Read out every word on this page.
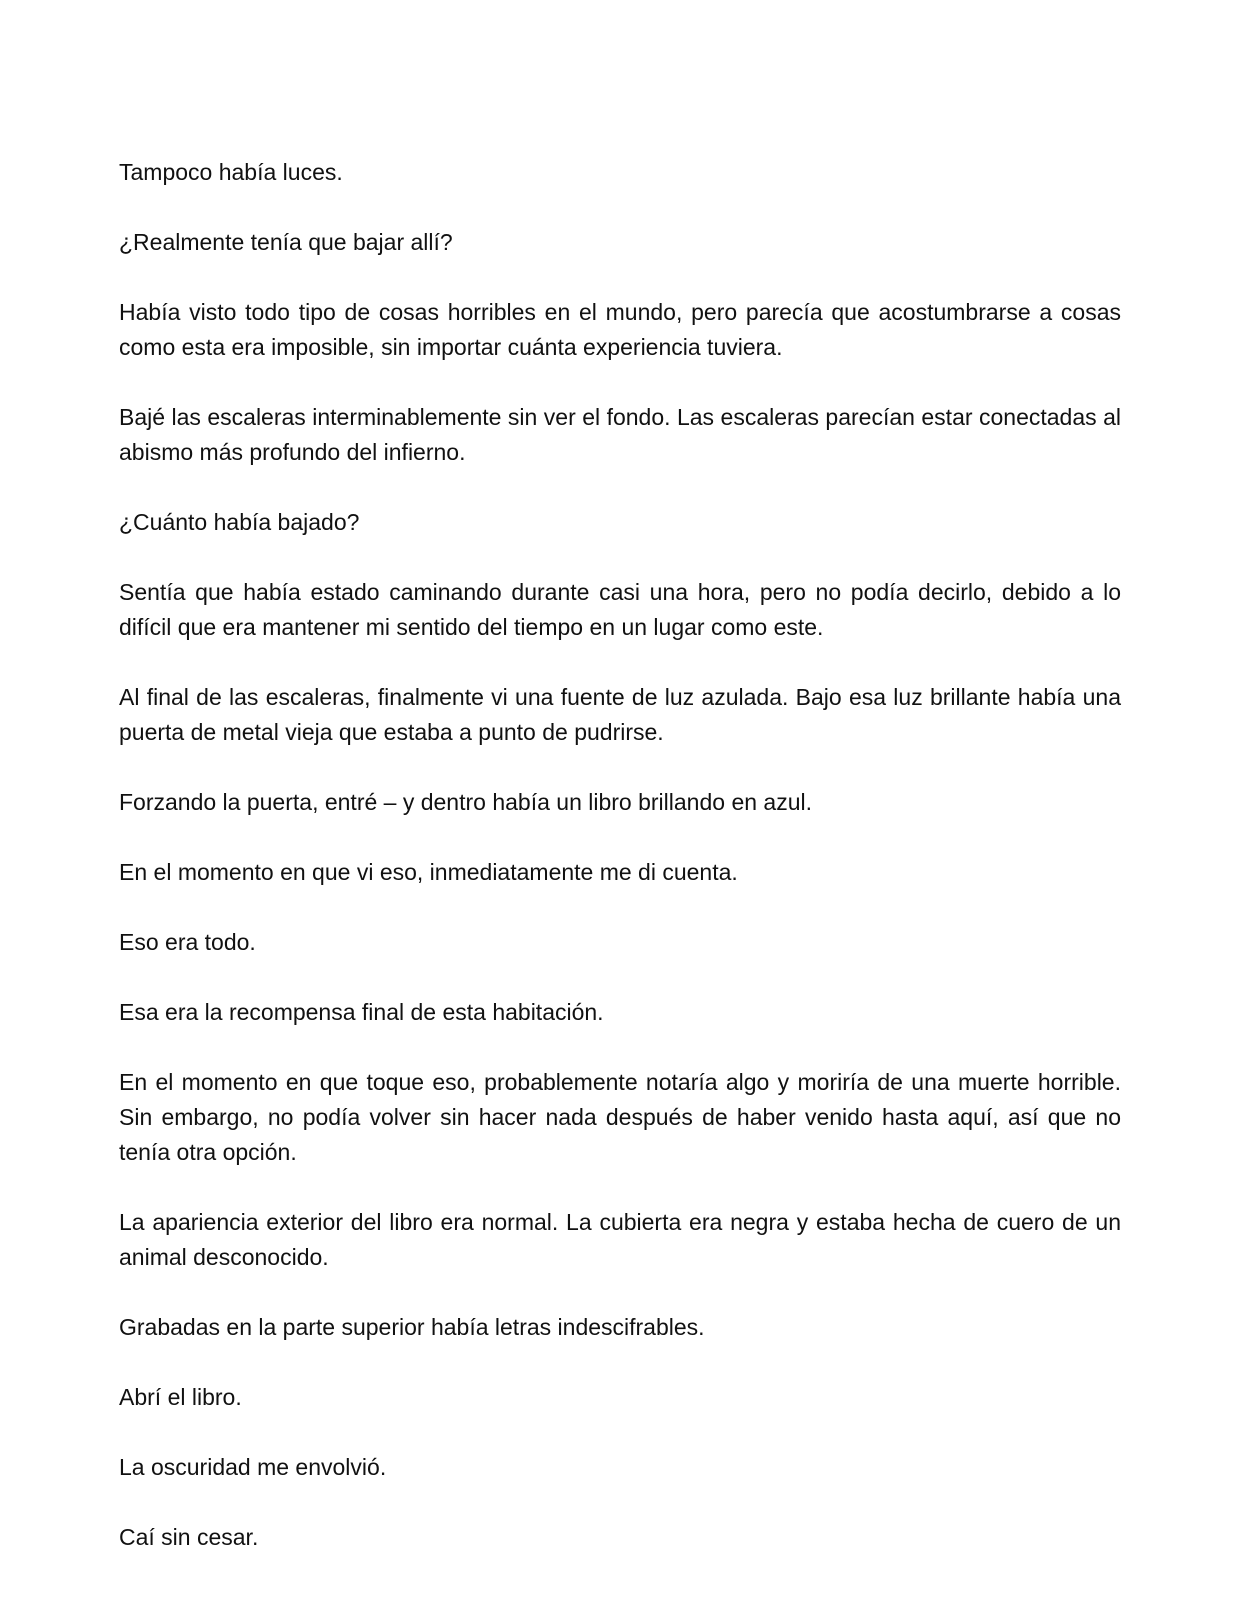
Tampoco había luces.

¿Realmente tenía que bajar allí?

Había visto todo tipo de cosas horribles en el mundo, pero parecía que acostumbrarse a cosas como esta era imposible, sin importar cuánta experiencia tuviera.

Bajé las escaleras interminablemente sin ver el fondo. Las escaleras parecían estar conectadas al abismo más profundo del infierno.

¿Cuánto había bajado?

Sentía que había estado caminando durante casi una hora, pero no podía decirlo, debido a lo difícil que era mantener mi sentido del tiempo en un lugar como este.

Al final de las escaleras, finalmente vi una fuente de luz azulada. Bajo esa luz brillante había una puerta de metal vieja que estaba a punto de pudrirse.

Forzando la puerta, entré – y dentro había un libro brillando en azul.

En el momento en que vi eso, inmediatamente me di cuenta.

Eso era todo.

Esa era la recompensa final de esta habitación.

En el momento en que toque eso, probablemente notaría algo y moriría de una muerte horrible. Sin embargo, no podía volver sin hacer nada después de haber venido hasta aquí, así que no tenía otra opción.

La apariencia exterior del libro era normal. La cubierta era negra y estaba hecha de cuero de un animal desconocido.

Grabadas en la parte superior había letras indescifrables.

Abrí el libro.

La oscuridad me envolvió.

Caí sin cesar.
